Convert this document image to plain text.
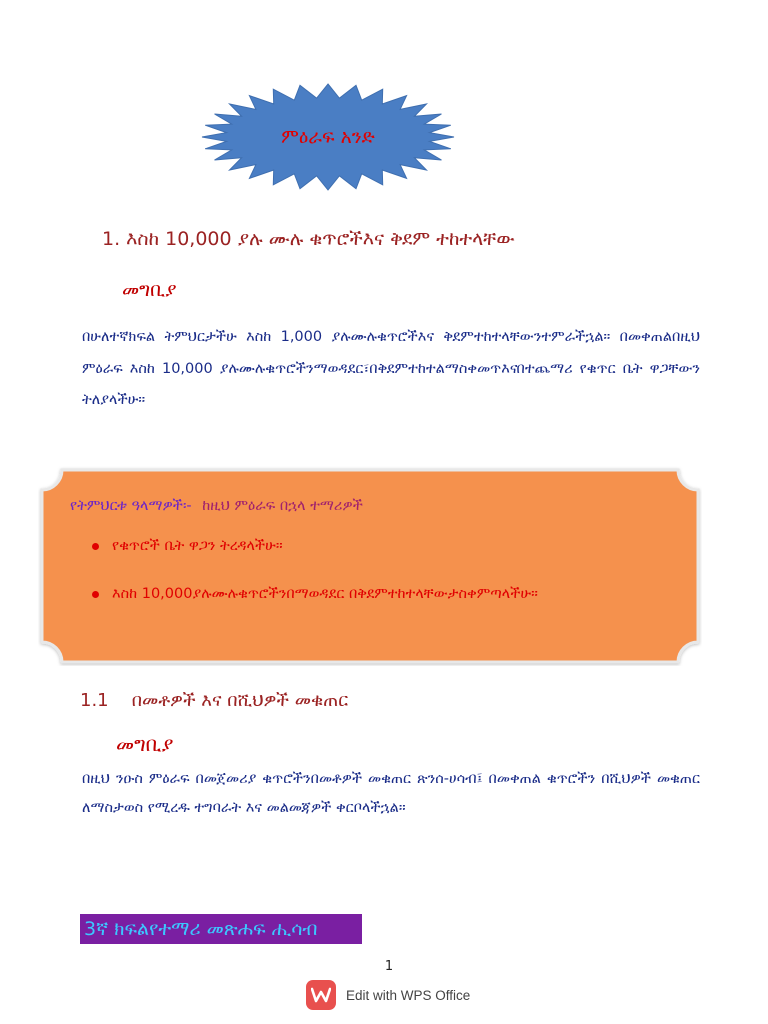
ምዕራፍ አንድ
1. እስከ 10,000 ያሉ ሙሉ ቁጥሮችእና ቅደም ተከተላቸው
መግቢያ
በሁለተኛክፍል ትምህርታችሁ እስከ 1,000 ያሉሙሉቁጥሮችእና ቅደምተከተላቸውንተምራችኋል። በመቀጠልበዚህ ምዕራፍ እስከ 10,000 ያሉሙሉቁጥሮችንማወዳደር፣በቅደምተከተልማስቀመጥእናበተጨማሪ የቁጥር ቤት ዋጋቸውን ትለያላችሁ።
የትምህርቱ ዓላማዎች፡- ከዚህ ምዕራፍ በኋላ ተማሪዎች
የቁጥሮች ቤት ዋጋን ትረዳላችሁ።
እስከ 10,000ያሉሙሉቁጥሮችንበማወዳደር በቅደምተከተላቸውታስቀምጣላችሁ።
1.1 በመቶዎች እና በሺህዎች መቁጠር
መግቢያ
በዚህ ንዑስ ምዕራፍ በመጀመሪያ ቁጥሮችንበመቶዎች መቁጠር ጽንሰ-ሀሳብ፤ በመቀጠል ቁጥሮችን በሺህዎች መቁጠር ለማስታወስ የሚረዱ ተግባራት እና መልመጃዎች ቀርቦላችኋል።
3ኛ ክፍልየተማሪ መጽሐፍ ሒሳብ
1
Edit with WPS Office
